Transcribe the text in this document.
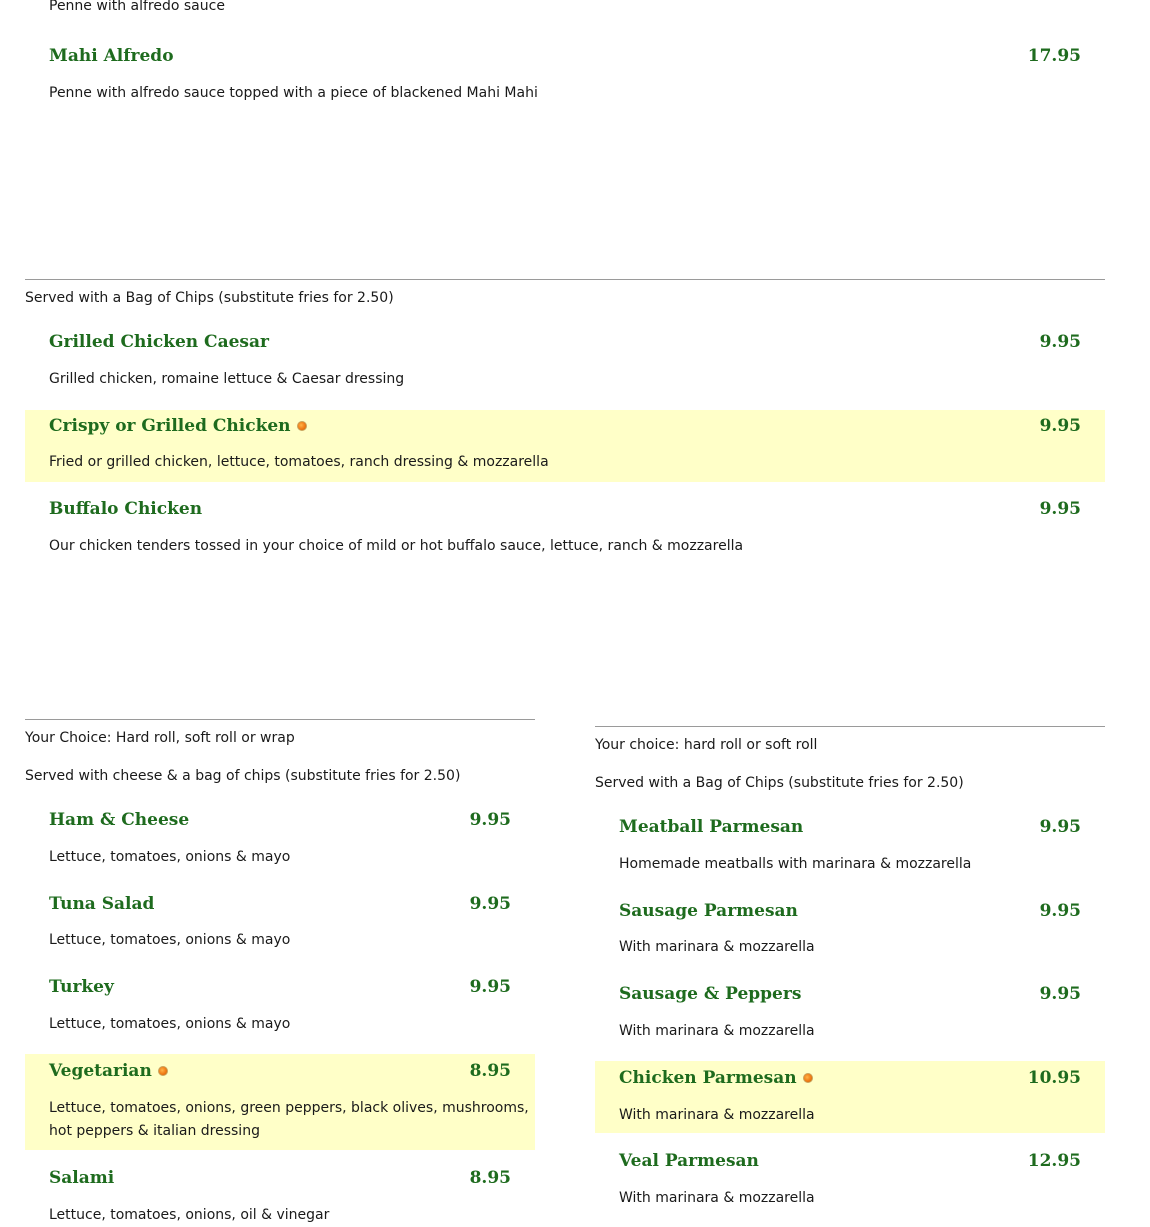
Penne with alfredo sauce
Mahi Alfredo	17.95
Penne with alfredo sauce topped with a piece of blackened Mahi Mahi
Served with a Bag of Chips (substitute fries for 2.50)
Grilled Chicken Caesar	9.95
Grilled chicken, romaine lettuce & Caesar dressing
Crispy or Grilled Chicken	9.95
Fried or grilled chicken, lettuce, tomatoes, ranch dressing & mozzarella
Buffalo Chicken	9.95
Our chicken tenders tossed in your choice of mild or hot buffalo sauce, lettuce, ranch & mozzarella
Your Choice: Hard roll, soft roll or wrap
Served with cheese & a bag of chips (substitute fries for 2.50)
Ham & Cheese	9.95
Lettuce, tomatoes, onions & mayo
Tuna Salad	9.95
Lettuce, tomatoes, onions & mayo
Turkey	9.95
Lettuce, tomatoes, onions & mayo
Vegetarian	8.95
Lettuce, tomatoes, onions, green peppers, black olives, mushrooms,
hot peppers & italian dressing
Salami	8.95
Lettuce, tomatoes, onions, oil & vinegar
Your choice: hard roll or soft roll
Served with a Bag of Chips (substitute fries for 2.50)
Meatball Parmesan	9.95
Homemade meatballs with marinara & mozzarella
Sausage Parmesan	9.95
With marinara & mozzarella
Sausage & Peppers	9.95
With marinara & mozzarella
Chicken Parmesan	10.95
With marinara & mozzarella
Veal Parmesan	12.95
With marinara & mozzarella
